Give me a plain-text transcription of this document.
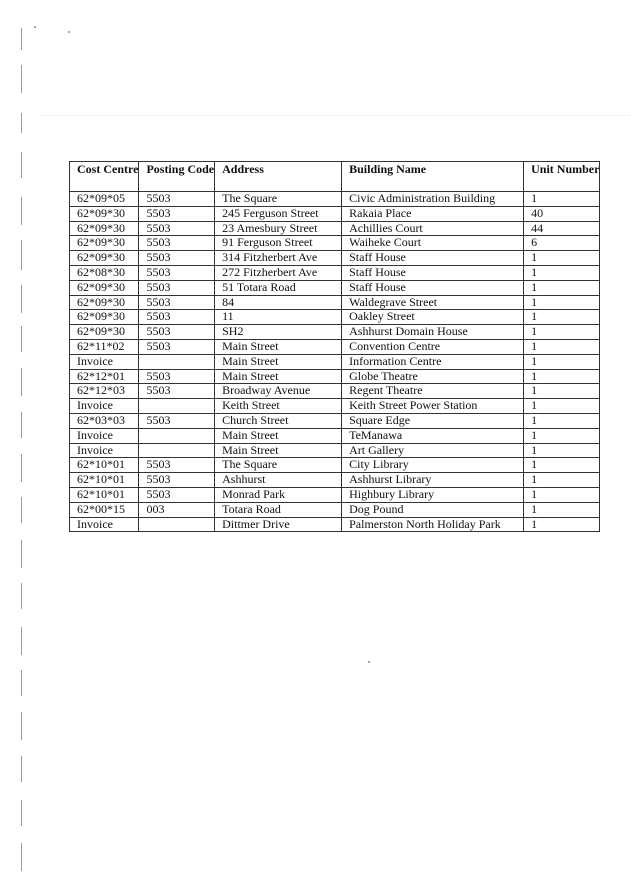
Cost Centre	Posting Code	Address	Building Name	Unit Number
62*09*05	5503	The Square	Civic Administration Building	1
62*09*30	5503	245 Ferguson Street	Rakaia Place	40
62*09*30	5503	23 Amesbury Street	Achillies Court	44
62*09*30	5503	91 Ferguson Street	Waiheke Court	6
62*09*30	5503	314 Fitzherbert Ave	Staff House	1
62*08*30	5503	272 Fitzherbert Ave	Staff House	1
62*09*30	5503	51 Totara Road	Staff House	1
62*09*30	5503	84	Waldegrave Street	1
62*09*30	5503	11	Oakley Street	1
62*09*30	5503	SH2	Ashhurst Domain House	1
62*11*02	5503	Main Street	Convention Centre	1
Invoice		Main Street	Information Centre	1
62*12*01	5503	Main Street	Globe Theatre	1
62*12*03	5503	Broadway Avenue	Regent Theatre	1
Invoice		Keith Street	Keith Street Power Station	1
62*03*03	5503	Church Street	Square Edge	1
Invoice		Main Street	TeManawa	1
Invoice		Main Street	Art Gallery	1
62*10*01	5503	The Square	City Library	1
62*10*01	5503	Ashhurst	Ashhurst Library	1
62*10*01	5503	Monrad Park	Highbury Library	1
62*00*15	003	Totara Road	Dog Pound	1
Invoice		Dittmer Drive	Palmerston North Holiday Park	1
